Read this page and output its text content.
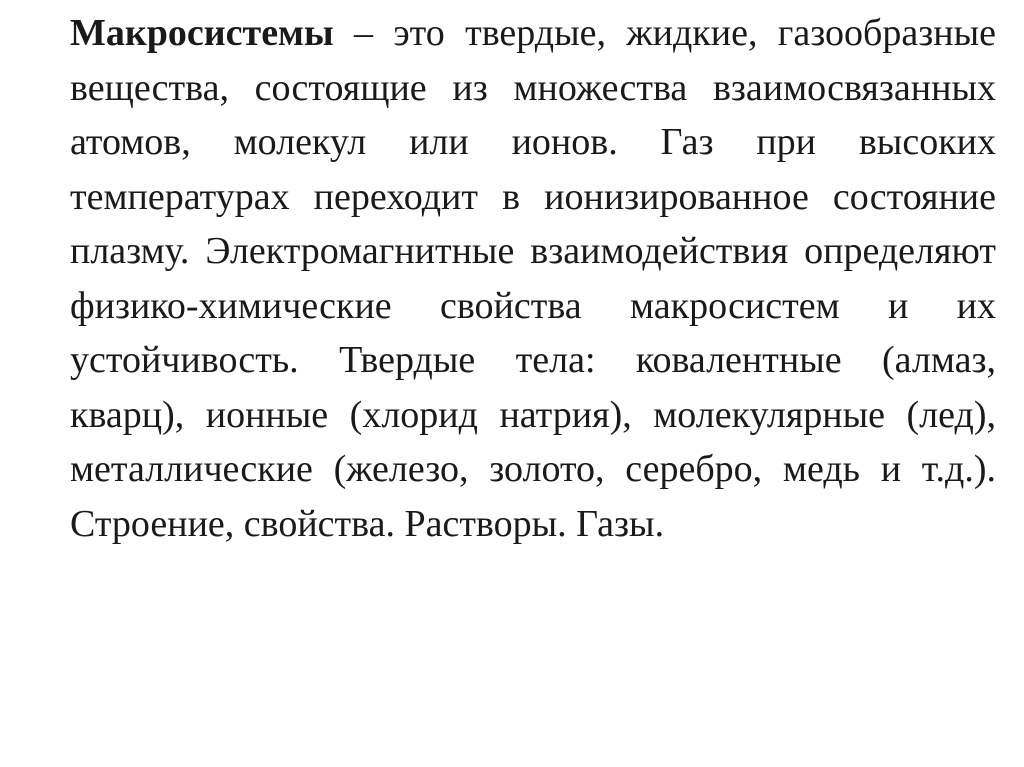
Макросистемы – это твердые, жидкие, газообразные вещества, состоящие из множества взаимосвязанных атомов, молекул или ионов. Газ при высоких температурах переходит в ионизированное состояние плазму. Электромагнитные взаимодействия определяют физико-химические свойства макросистем и их устойчивость. Твердые тела: ковалентные (алмаз, кварц), ионные (хлорид натрия), молекулярные (лед), металлические (железо, золото, серебро, медь и т.д.). Строение, свойства. Растворы. Газы.
